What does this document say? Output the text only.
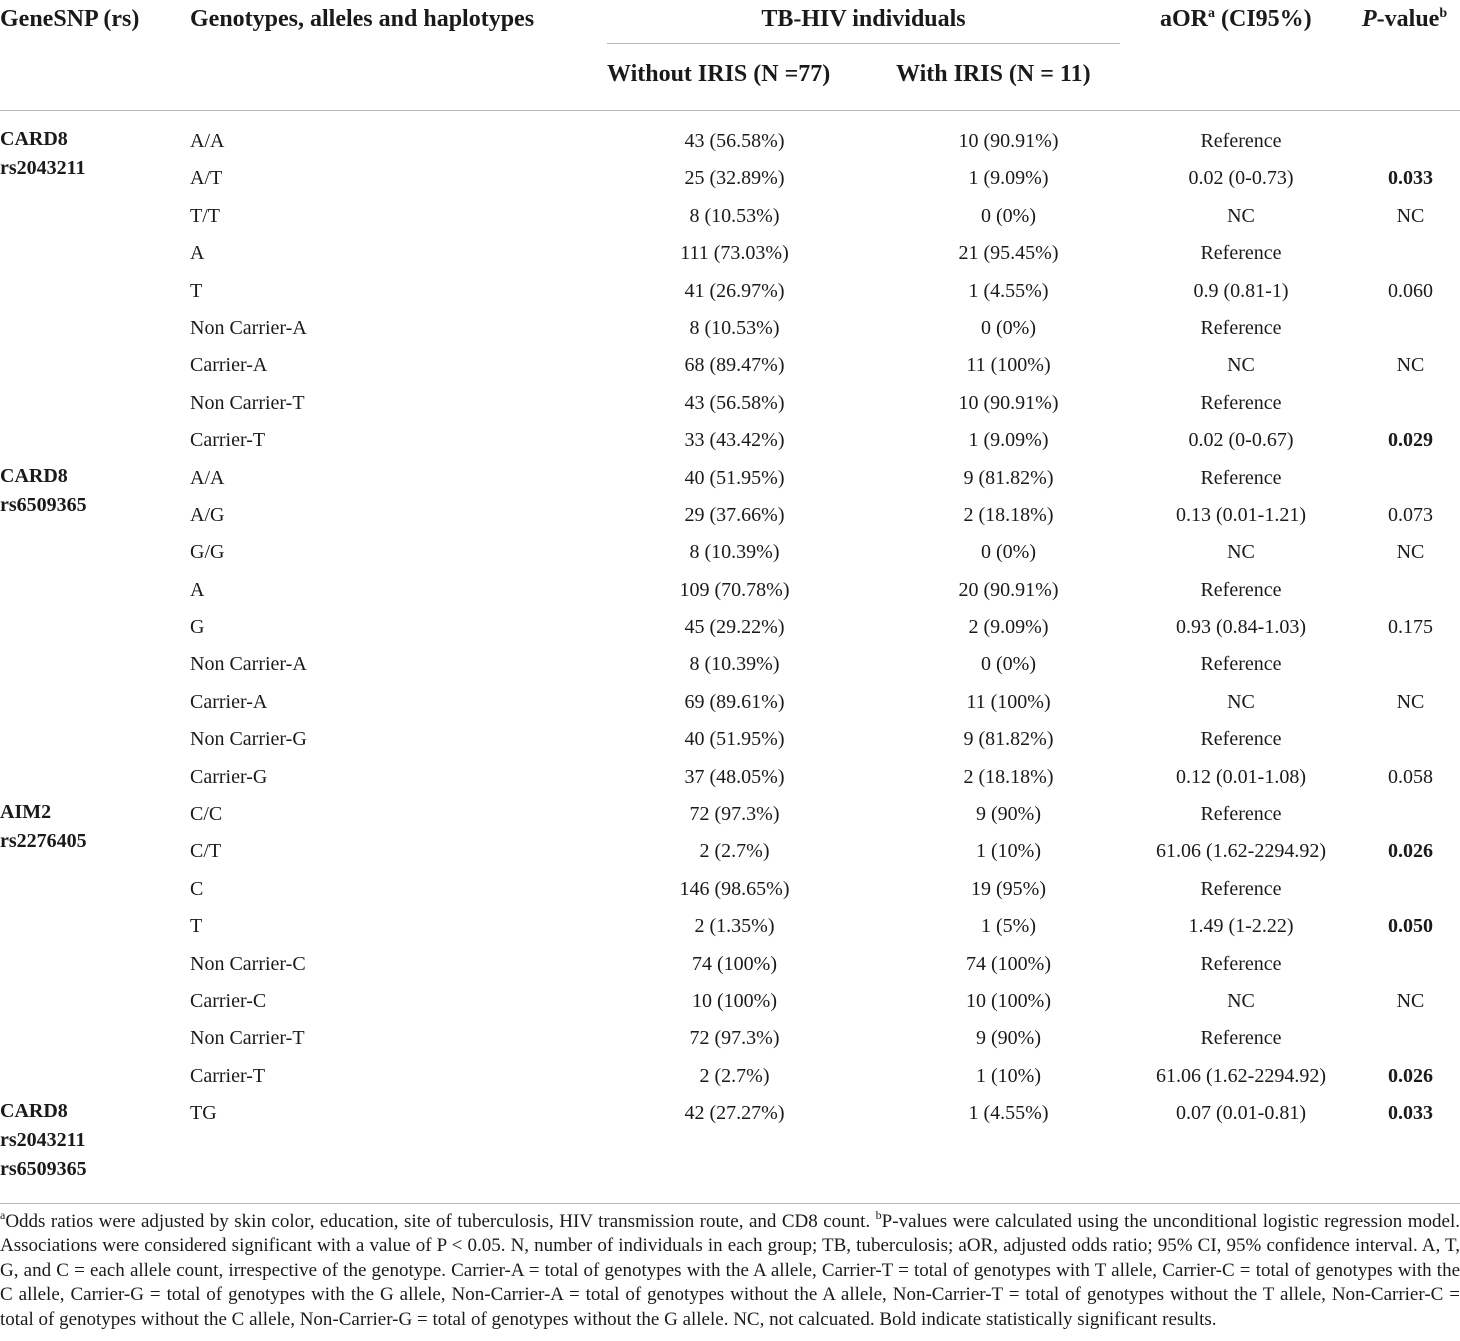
GeneSNP (rs) Genotypes, alleles and haplotypes	TB-HIV individuals
Without IRIS (N =77)	With IRIS (N = 11)
aOR$^a$ (CI95%) P-value$^b$
CARD8
rs2043211
A/A	43 (56.58%)	10 (90.91%)	Reference
A/T	25 (32.89%)	1 (9.09%)	0.02 (0-0.73)	0.033
T/T	8 (10.53%)	0 (0%)	NC	NC
A	111 (73.03%)	21 (95.45%)	Reference
T	41 (26.97%)	1 (4.55%)	0.9 (0.81-1)	0.060
Non Carrier-A	8 (10.53%)	0 (0%)	Reference
Carrier-A	68 (89.47%)	11 (100%)	NC	NC
Non Carrier-T	43 (56.58%)	10 (90.91%)	Reference
Carrier-T	33 (43.42%)	1 (9.09%)	0.02 (0-0.67)	0.029
CARD8
rs6509365
A/A	40 (51.95%)	9 (81.82%)	Reference
A/G	29 (37.66%)	2 (18.18%)	0.13 (0.01-1.21)	0.073
G/G	8 (10.39%)	0 (0%)	NC	NC
A	109 (70.78%)	20 (90.91%)	Reference
G	45 (29.22%)	2 (9.09%)	0.93 (0.84-1.03)	0.175
Non Carrier-A	8 (10.39%)	0 (0%)	Reference
Carrier-A	69 (89.61%)	11 (100%)	NC	NC
Non Carrier-G	40 (51.95%)	9 (81.82%)	Reference
Carrier-G	37 (48.05%)	2 (18.18%)	0.12 (0.01-1.08)	0.058
AIM2
rs2276405
C/C	72 (97.3%)	9 (90%)	Reference
C/T	2 (2.7%)	1 (10%)	61.06 (1.62-2294.92)	0.026
C	146 (98.65%)	19 (95%)	Reference
T	2 (1.35%)	1 (5%)	1.49 (1-2.22)	0.050
Non Carrier-C	74 (100%)	74 (100%)	Reference
Carrier-C	10 (100%)	10 (100%)	NC	NC
Non Carrier-T	72 (97.3%)	9 (90%)	Reference
Carrier-T	2 (2.7%)	1 (10%)	61.06 (1.62-2294.92)	0.026
CARD8
rs2043211
rs6509365
TG	42 (27.27%)	1 (4.55%)	0.07 (0.01-0.81)	0.033
$^a$Odds ratios were adjusted by skin color, education, site of tuberculosis, HIV transmission route, and CD8 count. $^b$P-values were calculated using the unconditional logistic regression model. Associations were considered significant with a value of P < 0.05. N, number of individuals in each group; TB, tuberculosis; aOR, adjusted odds ratio; 95% CI, 95% confidence interval. A, T, G, and C = each allele count, irrespective of the genotype. Carrier-A = total of genotypes with the A allele, Carrier-T = total of genotypes with T allele, Carrier-C = total of genotypes with the C allele, Carrier-G = total of genotypes with the G allele, Non-Carrier-A = total of genotypes without the A allele, Non-Carrier-T = total of genotypes without the T allele, Non-Carrier-C = total of genotypes without the C allele, Non-Carrier-G = total of genotypes without the G allele. NC, not calcuated. Bold indicate statistically significant results.
